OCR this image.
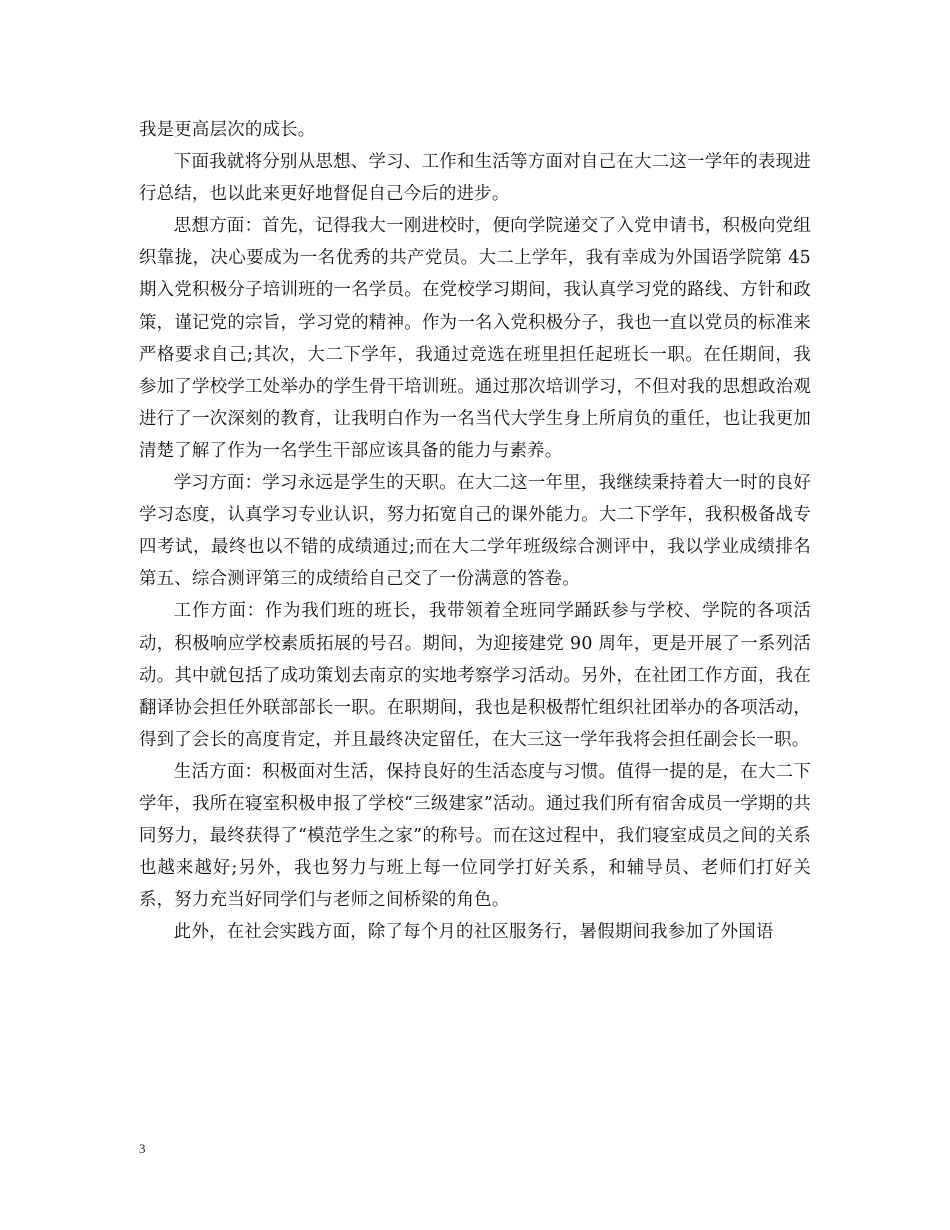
我是更高层次的成长。

下面我就将分别从思想、学习、工作和生活等方面对自己在大二这一学年的表现进行总结，也以此来更好地督促自己今后的进步。

思想方面：首先，记得我大一刚进校时，便向学院递交了入党申请书，积极向党组织靠拢，决心要成为一名优秀的共产党员。大二上学年，我有幸成为外国语学院第 45 期入党积极分子培训班的一名学员。在党校学习期间，我认真学习党的路线、方针和政策，谨记党的宗旨，学习党的精神。作为一名入党积极分子，我也一直以党员的标准来严格要求自己;其次，大二下学年，我通过竞选在班里担任起班长一职。在任期间，我参加了学校学工处举办的学生骨干培训班。通过那次培训学习，不但对我的思想政治观进行了一次深刻的教育，让我明白作为一名当代大学生身上所肩负的重任，也让我更加清楚了解了作为一名学生干部应该具备的能力与素养。

学习方面：学习永远是学生的天职。在大二这一年里，我继续秉持着大一时的良好学习态度，认真学习专业认识，努力拓宽自己的课外能力。大二下学年，我积极备战专四考试，最终也以不错的成绩通过;而在大二学年班级综合测评中，我以学业成绩排名第五、综合测评第三的成绩给自己交了一份满意的答卷。

工作方面：作为我们班的班长，我带领着全班同学踊跃参与学校、学院的各项活动，积极响应学校素质拓展的号召。期间，为迎接建党 90 周年，更是开展了一系列活动。其中就包括了成功策划去南京的实地考察学习活动。另外，在社团工作方面，我在翻译协会担任外联部部长一职。在职期间，我也是积极帮忙组织社团举办的各项活动，得到了会长的高度肯定，并且最终决定留任，在大三这一学年我将会担任副会长一职。

生活方面：积极面对生活，保持良好的生活态度与习惯。值得一提的是，在大二下学年，我所在寝室积极申报了学校“三级建家”活动。通过我们所有宿舍成员一学期的共同努力，最终获得了“模范学生之家”的称号。而在这过程中，我们寝室成员之间的关系也越来越好;另外，我也努力与班上每一位同学打好关系，和辅导员、老师们打好关系，努力充当好同学们与老师之间桥梁的角色。

此外，在社会实践方面，除了每个月的社区服务行，暑假期间我参加了外国语

3
